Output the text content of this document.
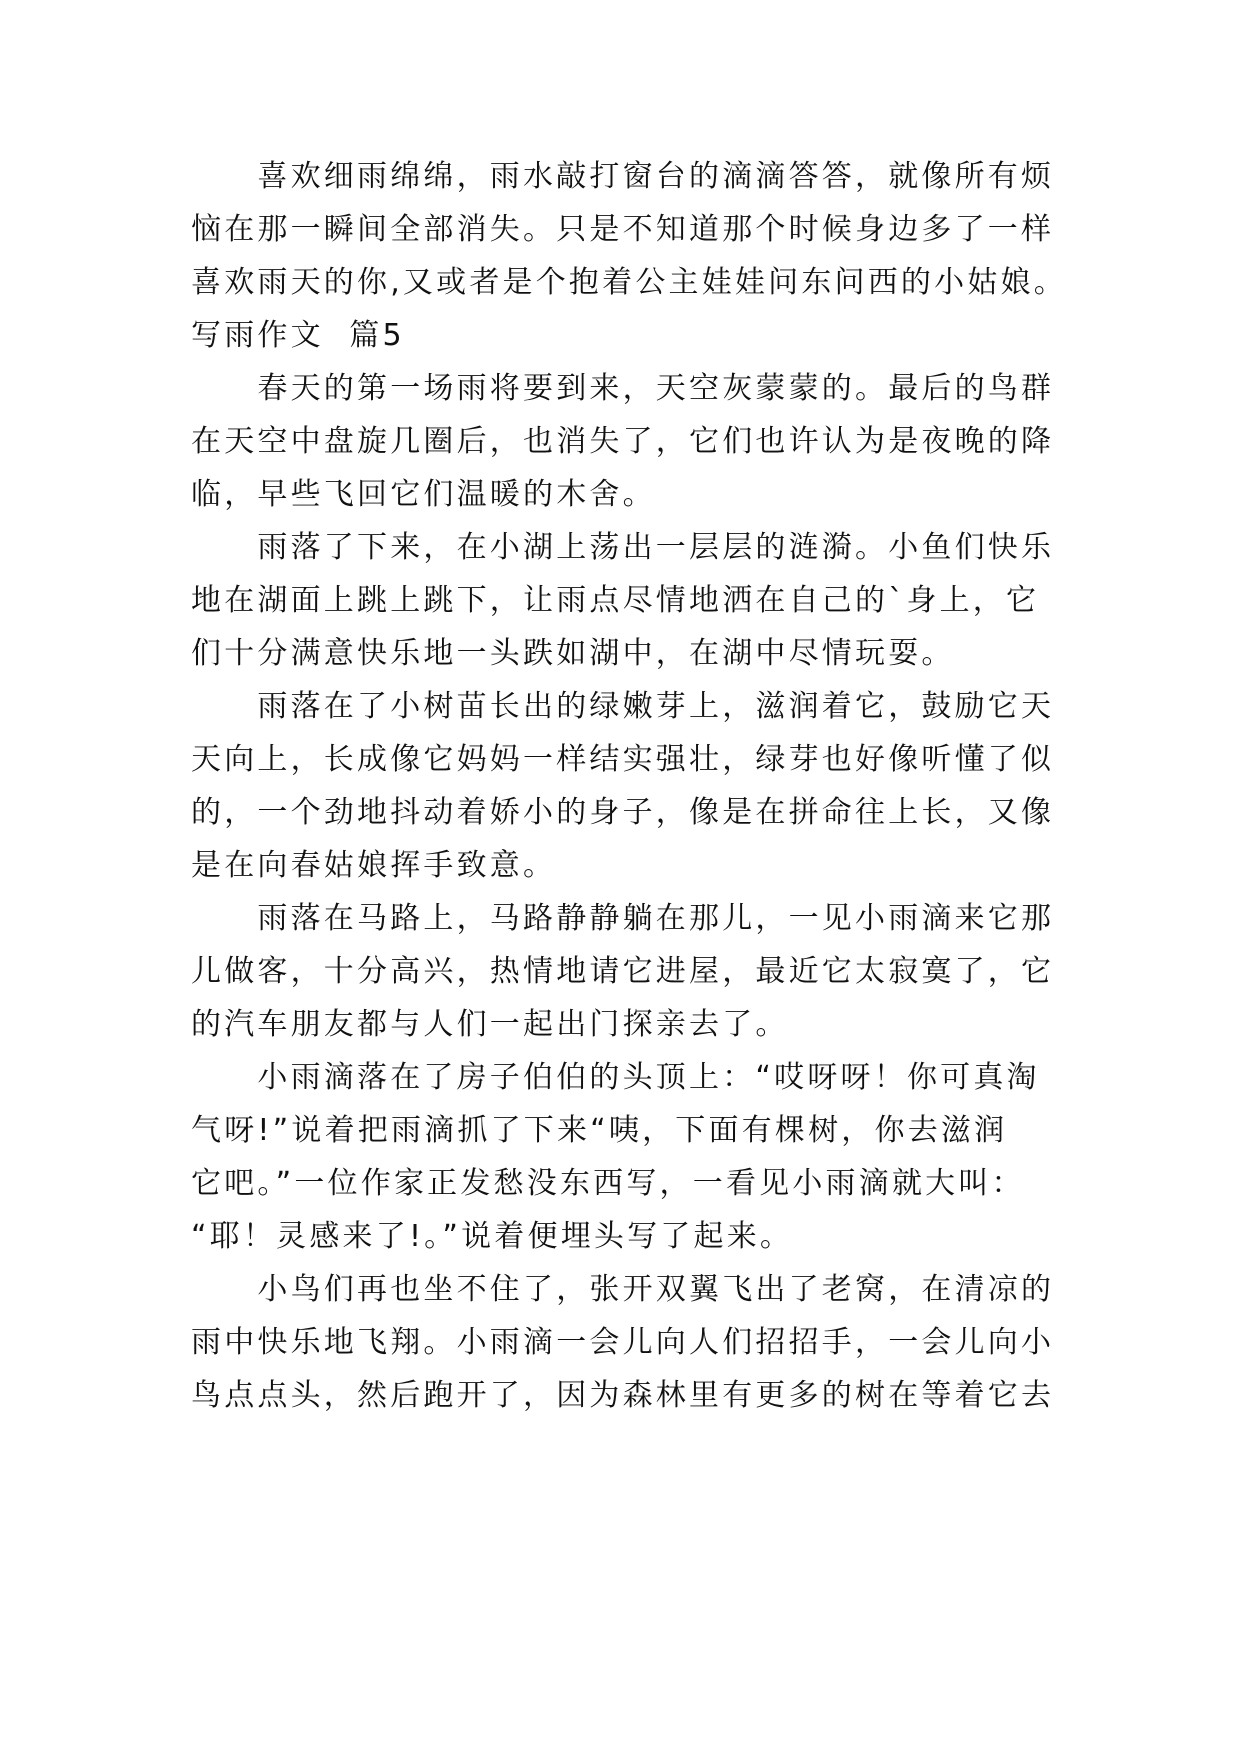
　　喜欢细雨绵绵，雨水敲打窗台的滴滴答答，就像所有烦
恼在那一瞬间全部消失。只是不知道那个时候身边多了一样
喜欢雨天的你,又或者是个抱着公主娃娃问东问西的小姑娘。
写雨作文  篇5
　　春天的第一场雨将要到来，天空灰蒙蒙的。最后的鸟群
在天空中盘旋几圈后，也消失了，它们也许认为是夜晚的降
临，早些飞回它们温暖的木舍。
　　雨落了下来，在小湖上荡出一层层的涟漪。小鱼们快乐
地在湖面上跳上跳下，让雨点尽情地洒在自己的`身上，它
们十分满意快乐地一头跌如湖中，在湖中尽情玩耍。
　　雨落在了小树苗长出的绿嫩芽上，滋润着它，鼓励它天
天向上，长成像它妈妈一样结实强壮，绿芽也好像听懂了似
的，一个劲地抖动着娇小的身子，像是在拼命往上长，又像
是在向春姑娘挥手致意。
　　雨落在马路上，马路静静躺在那儿，一见小雨滴来它那
儿做客，十分高兴，热情地请它进屋，最近它太寂寞了，它
的汽车朋友都与人们一起出门探亲去了。
　　小雨滴落在了房子伯伯的头顶上：“哎呀呀！你可真淘
气呀!”说着把雨滴抓了下来“咦，下面有棵树，你去滋润
它吧。”一位作家正发愁没东西写，一看见小雨滴就大叫：
“耶！灵感来了!。”说着便埋头写了起来。
　　小鸟们再也坐不住了，张开双翼飞出了老窝，在清凉的
雨中快乐地飞翔。小雨滴一会儿向人们招招手，一会儿向小
鸟点点头，然后跑开了，因为森林里有更多的树在等着它去
